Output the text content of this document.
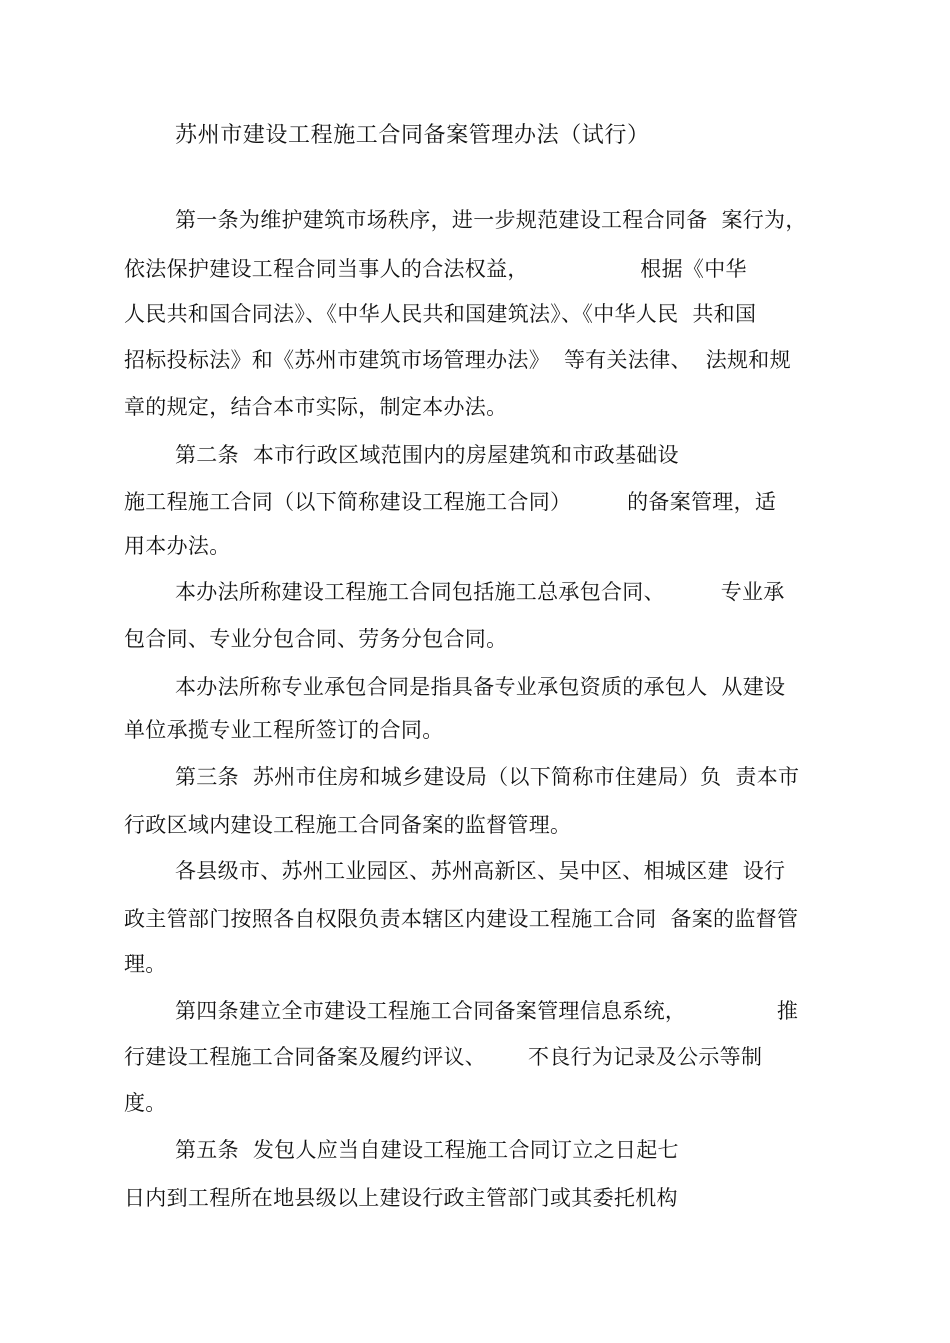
苏州市建设工程施工合同备案管理办法（试行）
第一条为维护建筑市场秩序，进一步规范建设工程合同备  案行为，
依法保护建设工程合同当事人的合法权益，                根据《中华
人民共和国合同法》、《中华人民共和国建筑法》、《中华人民  共和国
招标投标法》和《苏州市建筑市场管理办法》  等有关法律、  法规和规
章的规定，结合本市实际，制定本办法。
第二条  本市行政区域范围内的房屋建筑和市政基础设
施工程施工合同（以下简称建设工程施工合同）        的备案管理，适
用本办法。
本办法所称建设工程施工合同包括施工总承包合同、        专业承
包合同、专业分包合同、劳务分包合同。
本办法所称专业承包合同是指具备专业承包资质的承包人  从建设
单位承揽专业工程所签订的合同。
第三条  苏州市住房和城乡建设局（以下简称市住建局）负  责本市
行政区域内建设工程施工合同备案的监督管理。
各县级市、苏州工业园区、苏州高新区、吴中区、相城区建  设行
政主管部门按照各自权限负责本辖区内建设工程施工合同  备案的监督管
理。
第四条建立全市建设工程施工合同备案管理信息系统，             推
行建设工程施工合同备案及履约评议、      不良行为记录及公示等制
度。
第五条  发包人应当自建设工程施工合同订立之日起七
日内到工程所在地县级以上建设行政主管部门或其委托机构
